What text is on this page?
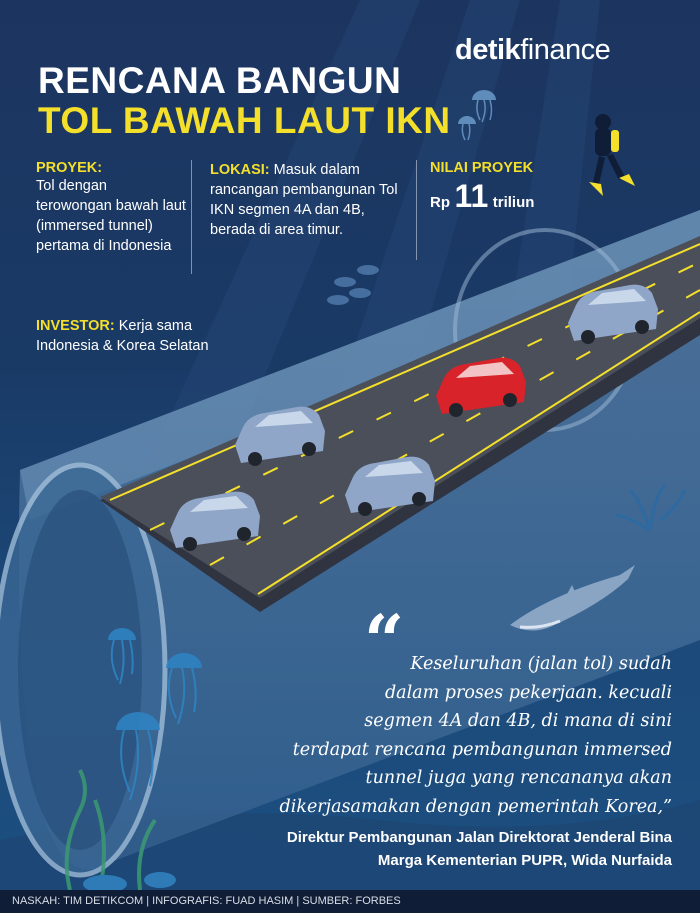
detikfinance
RENCANA BANGUN
TOL BAWAH LAUT IKN
PROYEK:
Tol dengan terowongan bawah laut (immersed tunnel) pertama di Indonesia
LOKASI: Masuk dalam rancangan pembangunan Tol IKN segmen 4A dan 4B, berada di area timur.
NILAI PROYEK
Rp 11 triliun
INVESTOR: Kerja sama Indonesia & Korea Selatan
“ Keseluruhan (jalan tol) sudah
dalam proses pekerjaan. kecuali
segmen 4A dan 4B, di mana di sini
terdapat rencana pembangunan immersed
tunnel juga yang rencananya akan
dikerjasamakan dengan pemerintah Korea,”
Direktur Pembangunan Jalan Direktorat Jenderal Bina
Marga Kementerian PUPR, Wida Nurfaida
NASKAH: TIM DETIKCOM | INFOGRAFIS: FUAD HASIM | SUMBER: FORBES
